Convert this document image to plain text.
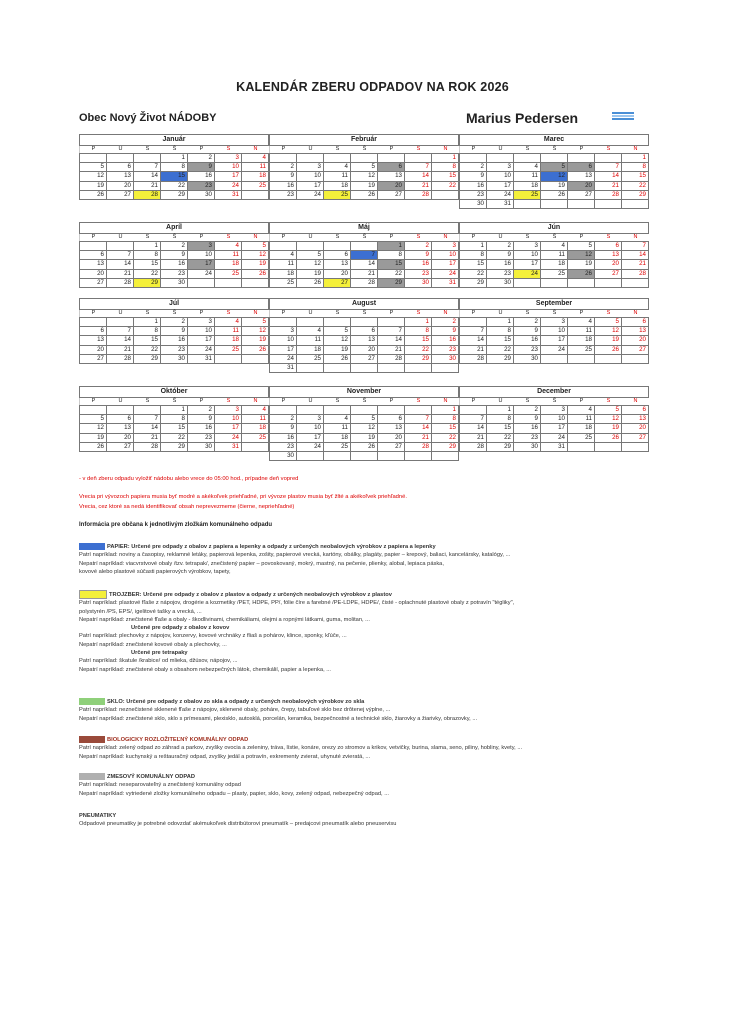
KALENDÁR ZBERU ODPADOV NA ROK 2026
Obec Nový Život NÁDOBY	Marius Pedersen
Január
P	U	S	Š	P	S	N
			1	2	3	4
5	6	7	8	9	10	11
12	13	14	15	16	17	18
19	20	21	22	23	24	25
26	27	28	29	30	31	
Február
P	U	S	Š	P	S	N
						1
2	3	4	5	6	7	8
9	10	11	12	13	14	15
16	17	18	19	20	21	22
23	24	25	26	27	28	
Marec
P	U	S	Š	P	S	N
						1
2	3	4	5	6	7	8
9	10	11	12	13	14	15
16	17	18	19	20	21	22
23	24	25	26	27	28	29
30	31					
Apríl
P	U	S	Š	P	S	N
		1	2	3	4	5
6	7	8	9	10	11	12
13	14	15	16	17	18	19
20	21	22	23	24	25	26
27	28	29	30			
Máj
P	U	S	Š	P	S	N
				1	2	3
4	5	6	7	8	9	10
11	12	13	14	15	16	17
18	19	20	21	22	23	24
25	26	27	28	29	30	31
Jún
P	U	S	Š	P	S	N
1	2	3	4	5	6	7
8	9	10	11	12	13	14
15	16	17	18	19	20	21
22	23	24	25	26	27	28
29	30					
Júl
P	U	S	Š	P	S	N
		1	2	3	4	5
6	7	8	9	10	11	12
13	14	15	16	17	18	19
20	21	22	23	24	25	26
27	28	29	30	31		
August
P	U	S	Š	P	S	N
					1	2
3	4	5	6	7	8	9
10	11	12	13	14	15	16
17	18	19	20	21	22	23
24	25	26	27	28	29	30
31						
September
P	U	S	Š	P	S	N
	1	2	3	4	5	6
7	8	9	10	11	12	13
14	15	16	17	18	19	20
21	22	23	24	25	26	27
28	29	30				
Október
P	U	S	Š	P	S	N
			1	2	3	4
5	6	7	8	9	10	11
12	13	14	15	16	17	18
19	20	21	22	23	24	25
26	27	28	29	30	31	
November
P	U	S	Š	P	S	N
						1
2	3	4	5	6	7	8
9	10	11	12	13	14	15
16	17	18	19	20	21	22
23	24	25	26	27	28	29
30						
December
P	U	S	Š	P	S	N
	1	2	3	4	5	6
7	8	9	10	11	12	13
14	15	16	17	18	19	20
21	22	23	24	25	26	27
28	29	30	31			
- v deň zberu odpadu vyložiť nádobu alebo vrece do 05:00 hod., prípadne deň vopred
Vrecia pri vývozoch papiera musia byť modré a akékoľvek priehľadné, pri vývoze plastov musia byť žlté a akékoľvek priehľadné.
Vrecia, cez ktoré sa nedá identifikovať obsah neprevezmeme (čierne, nepriehľadné)
Informácia pre občana k jednotlivým zložkám komunálneho odpadu
PAPIER: Určené pre odpady z obalov z papiera a lepenky a odpady z určených neobalových výrobkov z papiera a lepenky
Patrí napríklad: noviny a časopisy, reklamné letáky, papierová lepenka, zošity, papierové vrecká, kartóny, obálky, plagáty, papier – krepový, baliaci, kancelársky, katalógy, ...
Nepatrí napríklad: viacvrstvové obaly /tzv. tetrapak/, znečistený papier – povoskovaný, mokrý, mastný, na pečenie, plienky, alobal, lepiaca páska,
kovové alebo plastové súčasti papierových výrobkov, tapety,
TROJZBER: Určené pre odpady z obalov z plastov a odpady z určených neobalových výrobkov z plastov
Patrí napríklad: plastové fľaše z nápojov, drogérie a kozmetiky /PET, HDPE, PP/, fólie číre a farebné /PE-LDPE, HDPE/, čisté - oplachnuté plastové obaly z potravín "tégliky",
polystyrén /PS, EPS/, igelitové tašky a vrecká, ...
Nepatrí napríklad: znečistené fľaše a obaly - škodlivinami, chemikáliami, olejmi a ropnými látkami, guma, molitan, ...
Určené pre odpady z obalov z kovov
Patrí napríklad: plechovky z nápojov, konzervy, kovové vrchnáky z fliaš a pohárov, klince, sponky, kľúče, ...
Nepatrí napríklad: znečistené kovové obaly a plechovky, ...
Určené pre tetrapaky
Patrí napríklad: škatule /krabice/ od mlieka, džúsov, nápojov, ...
Nepatrí napríklad: znečistené obaly s obsahom nebezpečných látok, chemikálií, papier a lepenka, ...
SKLO: Určené pre odpady z obalov zo skla a odpady z určených neobalových výrobkov zo skla
Patrí napríklad: neznečistené sklenené fľaše z nápojov, sklenené obaly, poháre, črepy, tabuľové sklo bez drôtenej výplne, ...
Nepatrí napríklad: znečistené sklo, sklo s prímesami, plexisklo, autosklá, porcelán, keramika, bezpečnostné a technické sklo, žiarovky a žiarivky, obrazovky, ...
BIOLOGICKY ROZLOŽITEĽNÝ KOMUNÁLNY ODPAD
Patrí napríklad: zelený odpad zo záhrad a parkov, zvyšky ovocia a zeleniny, tráva, lístie, konáre, orezy zo stromov a krikov, vetvičky, burina, slama, seno, piliny, hobliny, kvety, ...
Nepatrí napríklad: kuchynský a reštauračný odpad, zvyšky jedál a potravín, exkrementy zvierat, uhynuté zvieratá, ...
ZMESOVÝ KOMUNÁLNY ODPAD
Patrí napríklad: neseparovateľný a znečistený komunálny odpad
Nepatrí napríklad: vytriedené zložky komunálneho odpadu – plasty, papier, sklo, kovy, zelený odpad, nebezpečný odpad, ...
PNEUMATIKY
Odpadové pneumatiky je potrebné odovzdať akémukoľvek distribútorovi pneumatík – predajcovi pneumatík alebo pneuservisu
